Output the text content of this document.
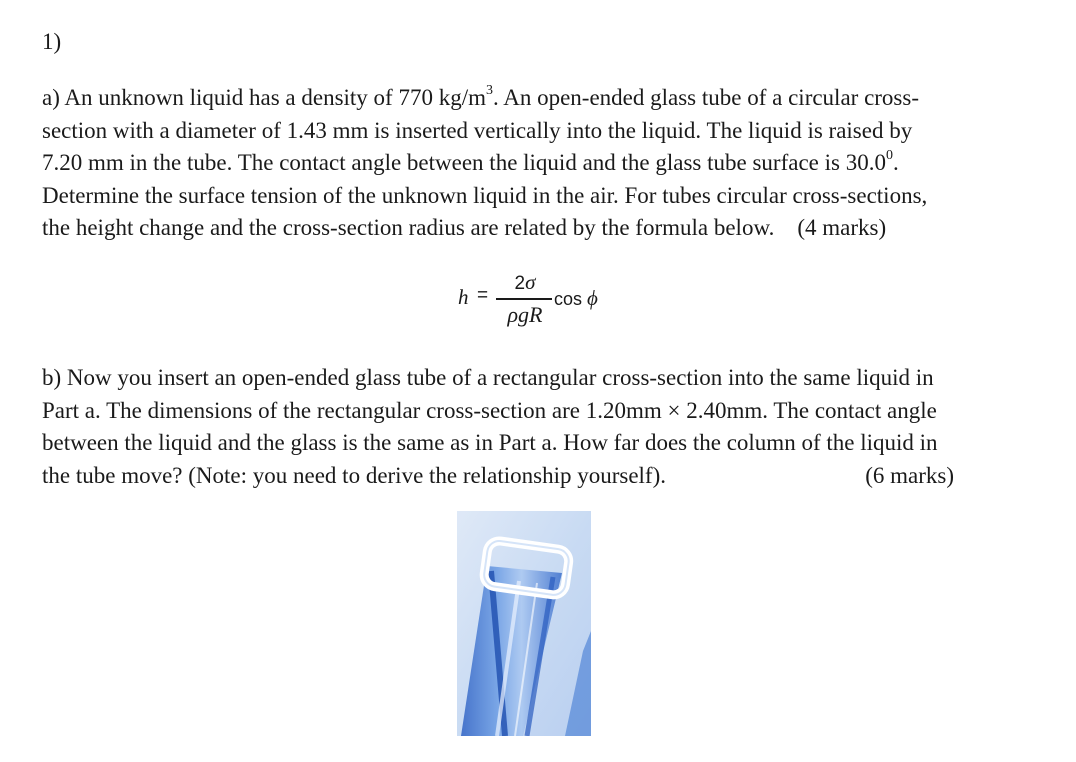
1)
a) An unknown liquid has a density of 770 $kg/m^3$. An open-ended glass tube of a circular cross-
section with a diameter of 1.43 mm is inserted vertically into the liquid. The liquid is raised by
7.20 mm in the tube. The contact angle between the liquid and the glass tube surface is 30.0$^0$.
Determine the surface tension of the unknown liquid in the air. For tubes circular cross-sections,
the height change and the cross-section radius are related by the formula below. (4 marks)
h =
2σ
ρgR
cos ϕ
b) Now you insert an open-ended glass tube of a rectangular cross-section into the same liquid in
Part a. The dimensions of the rectangular cross-section are 1.20mm × 2.40mm. The contact angle
between the liquid and the glass is the same as in Part a. How far does the column of the liquid in
the tube move? (Note: you need to derive the relationship yourself).	(6 marks)
